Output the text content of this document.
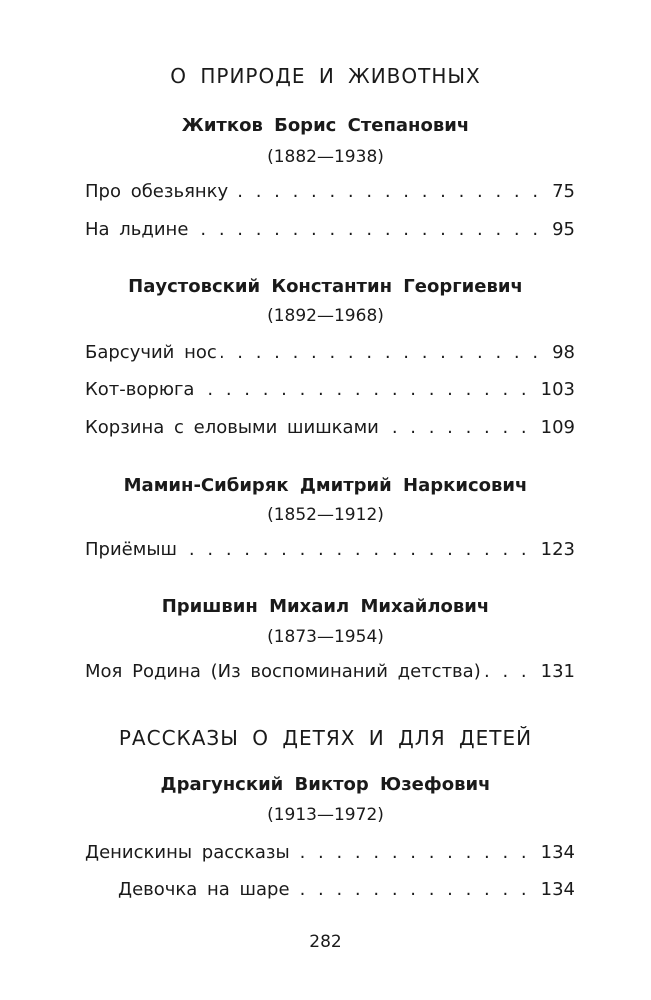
О ПРИРОДЕ И ЖИВОТНЫХ
Житков Борис Степанович
(1882—1938)
Про обезьянку . . .	75
На льдине . . .	95
Паустовский Константин Георгиевич
(1892—1968)
Барсучий нос . . .	98
Кот-ворюга . . .	103
Корзина с еловыми шишками . . .	109
Мамин-Сибиряк Дмитрий Наркисович
(1852—1912)
Приёмыш . . .	123
Пришвин Михаил Михайлович
(1873—1954)
Моя Родина (Из воспоминаний детства) . . .	131
РАССКАЗЫ О ДЕТЯХ И ДЛЯ ДЕТЕЙ
Драгунский Виктор Юзефович
(1913—1972)
Денискины рассказы . . .	134
Девочка на шаре . . .	134
282
